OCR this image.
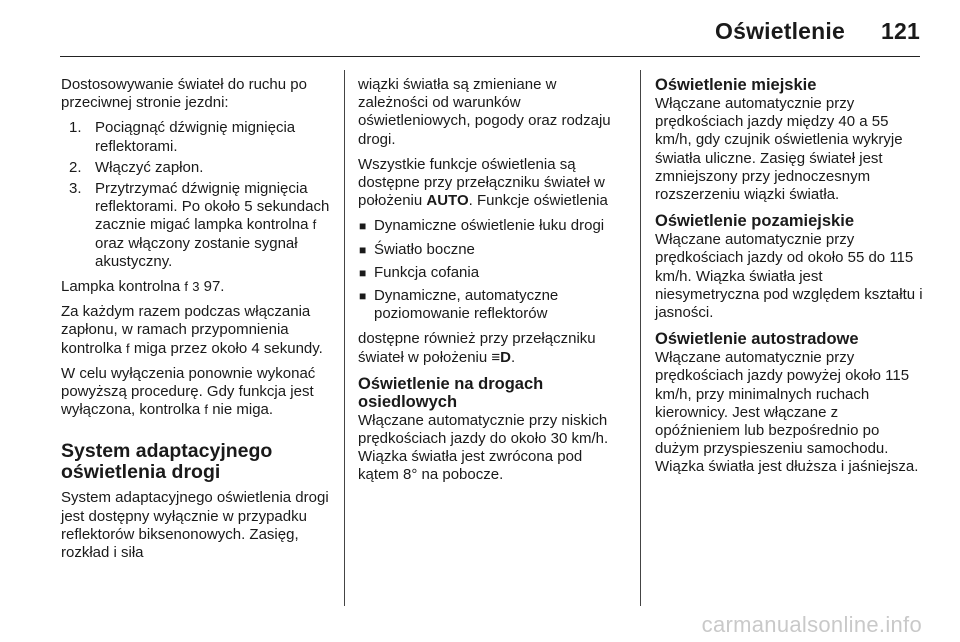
Oświetlenie 121

Dostosowywanie świateł do ruchu po przeciwnej stronie jezdni:

1. Pociągnąć dźwignię mignięcia reflektorami.
2. Włączyć zapłon.
3. Przytrzymać dźwignię mignięcia reflektorami. Po około 5 sekundach zacznie migać lampka kontrolna f oraz włączony zostanie sygnał akustyczny.

Lampka kontrolna f 3 97.

Za każdym razem podczas włączania zapłonu, w ramach przypomnienia kontrolka f miga przez około 4 sekundy.

W celu wyłączenia ponownie wykonać powyższą procedurę. Gdy funkcja jest wyłączona, kontrolka f nie miga.

System adaptacyjnego oświetlenia drogi

System adaptacyjnego oświetlenia drogi jest dostępny wyłącznie w przypadku reflektorów biksenonowych. Zasięg, rozkład i siła

wiązki światła są zmieniane w zależności od warunków oświetleniowych, pogody oraz rodzaju drogi.

Wszystkie funkcje oświetlenia są dostępne przy przełączniku świateł w położeniu AUTO. Funkcje oświetlenia

■ Dynamiczne oświetlenie łuku drogi
■ Światło boczne
■ Funkcja cofania
■ Dynamiczne, automatyczne poziomowanie reflektorów

dostępne również przy przełączniku świateł w położeniu ≡D.

Oświetlenie na drogach osiedlowych

Włączane automatycznie przy niskich prędkościach jazdy do około 30 km/h. Wiązka światła jest zwrócona pod kątem 8° na pobocze.

Oświetlenie miejskie

Włączane automatycznie przy prędkościach jazdy między 40 a 55 km/h, gdy czujnik oświetlenia wykryje światła uliczne. Zasięg świateł jest zmniejszony przy jednoczesnym rozszerzeniu wiązki światła.

Oświetlenie pozamiejskie

Włączane automatycznie przy prędkościach jazdy od około 55 do 115 km/h. Wiązka światła jest niesymetryczna pod względem kształtu i jasności.

Oświetlenie autostradowe

Włączane automatycznie przy prędkościach jazdy powyżej około 115 km/h, przy minimalnych ruchach kierownicy. Jest włączane z opóźnieniem lub bezpośrednio po dużym przyspieszeniu samochodu. Wiązka światła jest dłuższa i jaśniejsza.

carmanualsonline.info
